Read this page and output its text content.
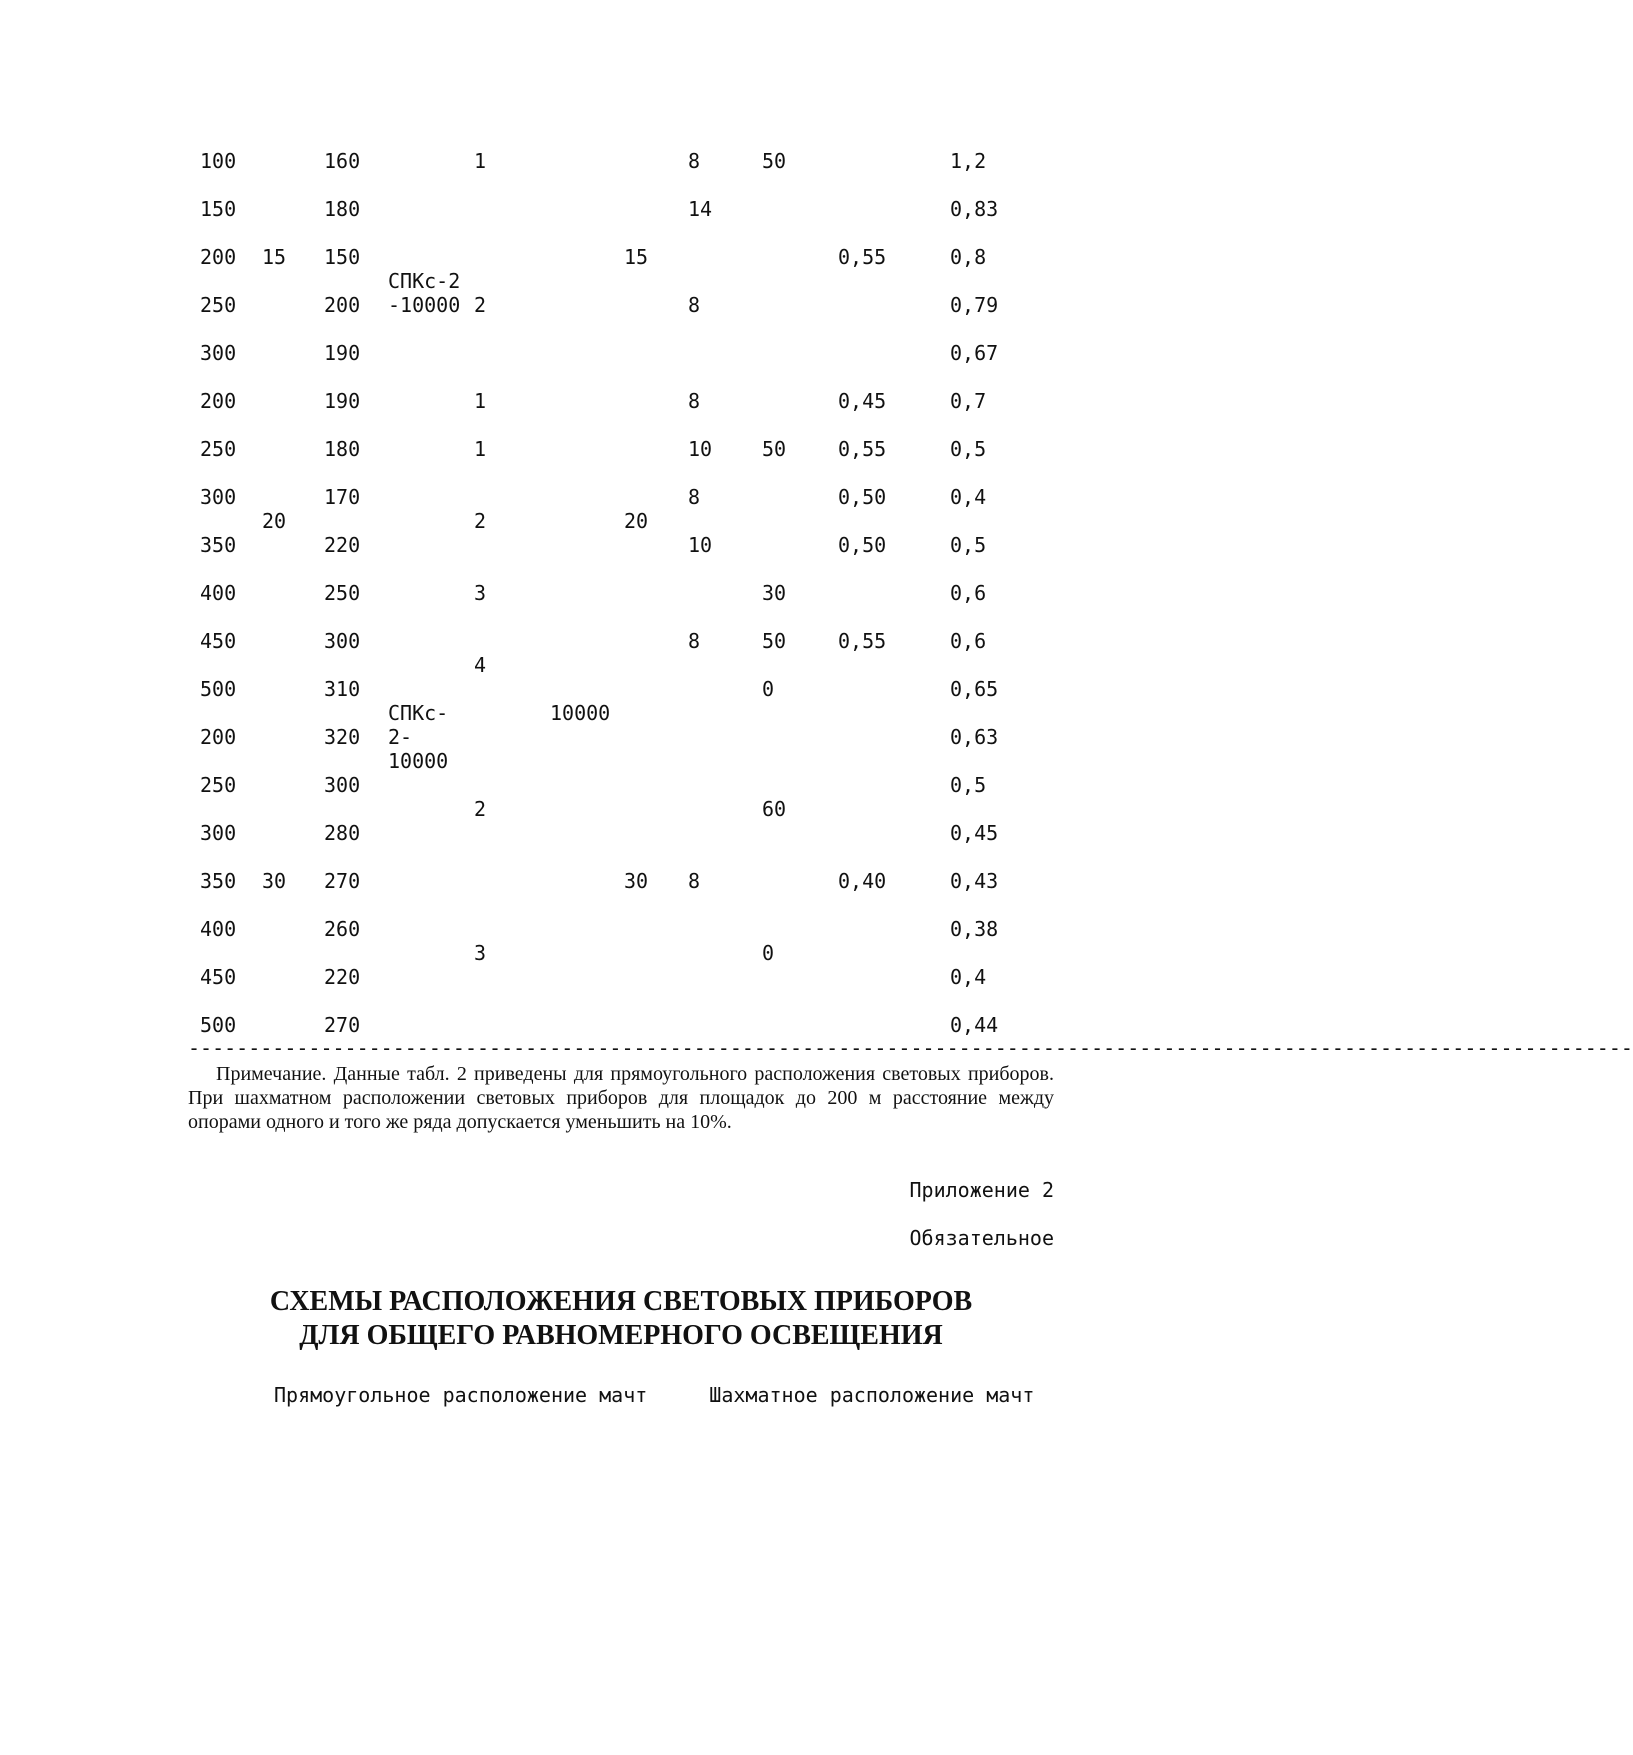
100
150
200
250
300
200
250
300
350
400
450
500
200
250
300
350
400
450
500
15
20
30
160
180
150
200
190
190
180
170
220
250
300
310
320
300
280
270
260
220
270
СПКс-2
-10000
СПКс-
2-
10000
1
2
1
1
2
3
4
2
3
10000
15
20
30
8
14
8
8
10
8
10
8
8
50
50
30
50
0
60
0
0,55
0,45
0,55
0,50
0,50
0,55
0,40
1,2
0,83
0,8
0,79
0,67
0,7
0,5
0,4
0,5
0,6
0,6
0,65
0,63
0,5
0,45
0,43
0,38
0,4
0,44
------------------------------------------------------------------------------------------------------------------------
Примечание. Данные табл. 2 приведены для прямоугольного расположения световых приборов. При шахматном расположении световых приборов для площадок до 200 м расстояние между опорами одного и того же ряда допускается уменьшить на 10%.
Приложение 2
Обязательное
СХЕМЫ РАСПОЛОЖЕНИЯ СВЕТОВЫХ ПРИБОРОВ
ДЛЯ ОБЩЕГО РАВНОМЕРНОГО ОСВЕЩЕНИЯ
Прямоугольное расположение мачт	Шахматное расположение мачт
